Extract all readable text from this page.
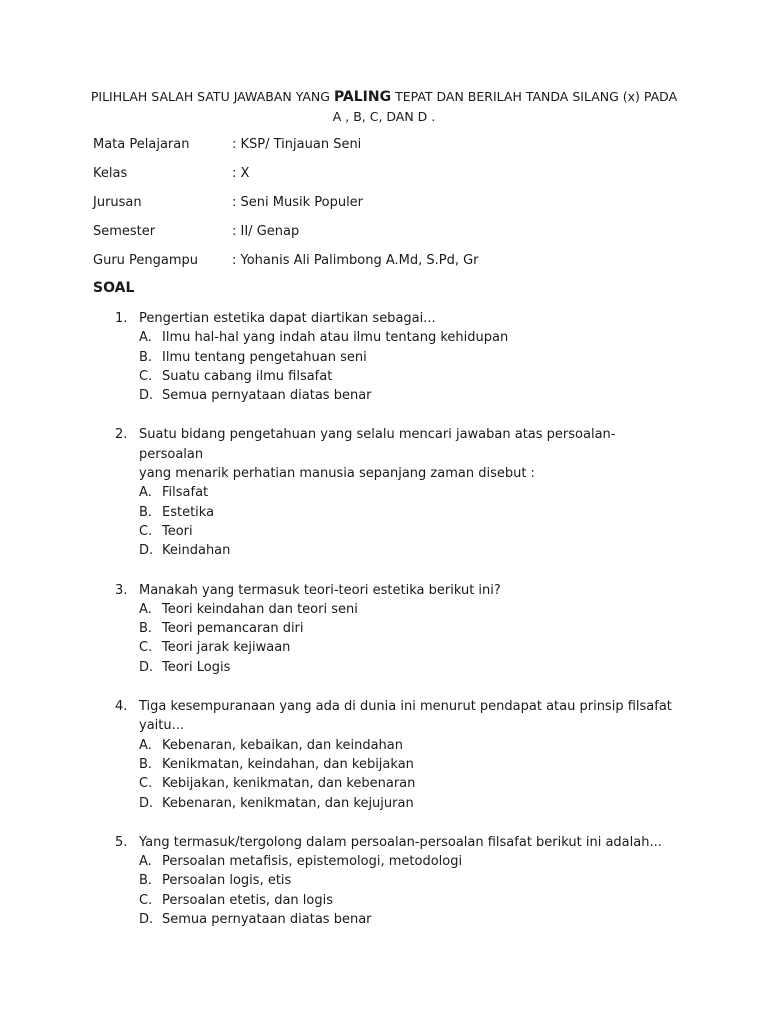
PILIHLAH SALAH SATU JAWABAN YANG PALING TEPAT DAN BERILAH TANDA SILANG (x) PADA
A , B, C, DAN D .
Mata Pelajaran	: KSP/ Tinjauan Seni
Kelas	: X
Jurusan	: Seni Musik Populer
Semester	: II/ Genap
Guru Pengampu	: Yohanis Ali Palimbong A.Md, S.Pd, Gr
SOAL
1. Pengertian estetika dapat diartikan sebagai...
A. Ilmu hal-hal yang indah atau ilmu tentang kehidupan
B. Ilmu tentang pengetahuan seni
C. Suatu cabang ilmu filsafat
D. Semua pernyataan diatas benar
2. Suatu bidang pengetahuan yang selalu mencari jawaban atas persoalan-persoalan
yang menarik perhatian manusia sepanjang zaman disebut :
A. Filsafat
B. Estetika
C. Teori
D. Keindahan
3. Manakah yang termasuk teori-teori estetika berikut ini?
A. Teori keindahan dan teori seni
B. Teori pemancaran diri
C. Teori jarak kejiwaan
D. Teori Logis
4. Tiga kesempuranaan yang ada di dunia ini menurut pendapat atau prinsip filsafat
yaitu...
A. Kebenaran, kebaikan, dan keindahan
B. Kenikmatan, keindahan, dan kebijakan
C. Kebijakan, kenikmatan, dan kebenaran
D. Kebenaran, kenikmatan, dan kejujuran
5. Yang termasuk/tergolong dalam persoalan-persoalan filsafat berikut ini adalah...
A. Persoalan metafisis, epistemologi, metodologi
B. Persoalan logis, etis
C. Persoalan etetis, dan logis
D. Semua pernyataan diatas benar
